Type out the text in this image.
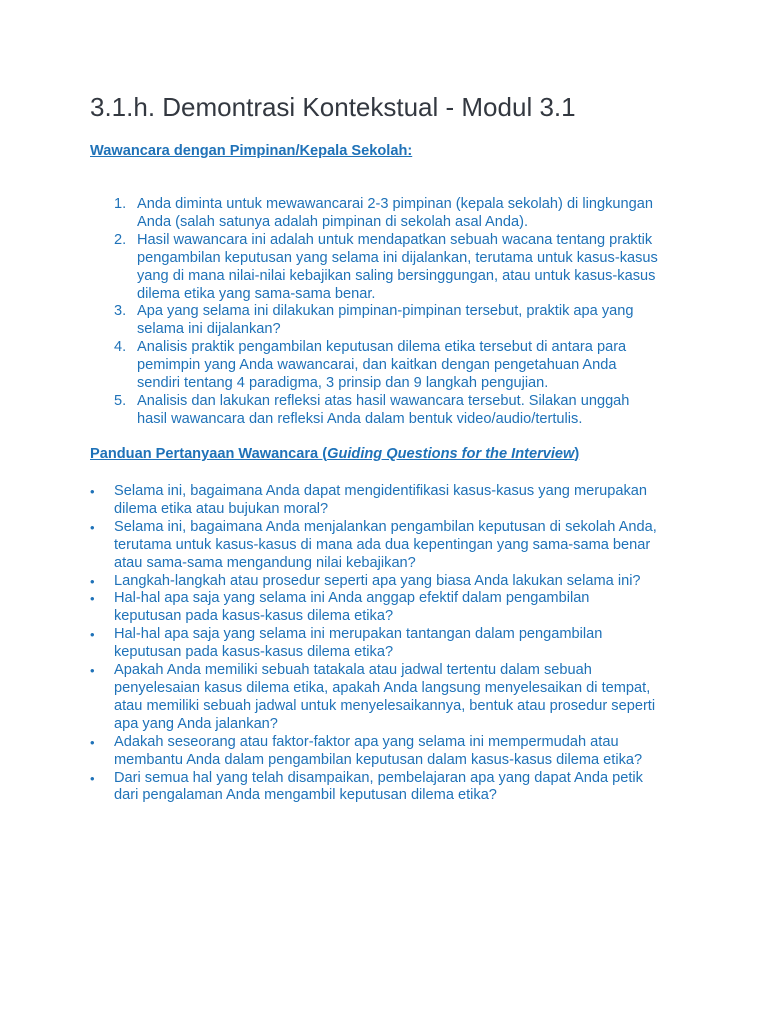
3.1.h. Demontrasi Kontekstual - Modul 3.1

Wawancara dengan Pimpinan/Kepala Sekolah:

1. Anda diminta untuk mewawancarai 2-3 pimpinan (kepala sekolah) di lingkungan
Anda (salah satunya adalah pimpinan di sekolah asal Anda).
2. Hasil wawancara ini adalah untuk mendapatkan sebuah wacana tentang praktik
pengambilan keputusan yang selama ini dijalankan, terutama untuk kasus-kasus
yang di mana nilai-nilai kebajikan saling bersinggungan, atau untuk kasus-kasus
dilema etika yang sama-sama benar.
3. Apa yang selama ini dilakukan pimpinan-pimpinan tersebut, praktik apa yang
selama ini dijalankan?
4. Analisis praktik pengambilan keputusan dilema etika tersebut di antara para
pemimpin yang Anda wawancarai, dan kaitkan dengan pengetahuan Anda
sendiri tentang 4 paradigma, 3 prinsip dan 9 langkah pengujian.
5. Analisis dan lakukan refleksi atas hasil wawancara tersebut. Silakan unggah
hasil wawancara dan refleksi Anda dalam bentuk video/audio/tertulis.

Panduan Pertanyaan Wawancara (Guiding Questions for the Interview)

• Selama ini, bagaimana Anda dapat mengidentifikasi kasus-kasus yang merupakan
dilema etika atau bujukan moral?
• Selama ini, bagaimana Anda menjalankan pengambilan keputusan di sekolah Anda,
terutama untuk kasus-kasus di mana ada dua kepentingan yang sama-sama benar
atau sama-sama mengandung nilai kebajikan?
• Langkah-langkah atau prosedur seperti apa yang biasa Anda lakukan selama ini?
• Hal-hal apa saja yang selama ini Anda anggap efektif dalam pengambilan
keputusan pada kasus-kasus dilema etika?
• Hal-hal apa saja yang selama ini merupakan tantangan dalam pengambilan
keputusan pada kasus-kasus dilema etika?
• Apakah Anda memiliki sebuah tatakala atau jadwal tertentu dalam sebuah
penyelesaian kasus dilema etika, apakah Anda langsung menyelesaikan di tempat,
atau memiliki sebuah jadwal untuk menyelesaikannya, bentuk atau prosedur seperti
apa yang Anda jalankan?
• Adakah seseorang atau faktor-faktor apa yang selama ini mempermudah atau
membantu Anda dalam pengambilan keputusan dalam kasus-kasus dilema etika?
• Dari semua hal yang telah disampaikan, pembelajaran apa yang dapat Anda petik
dari pengalaman Anda mengambil keputusan dilema etika?
